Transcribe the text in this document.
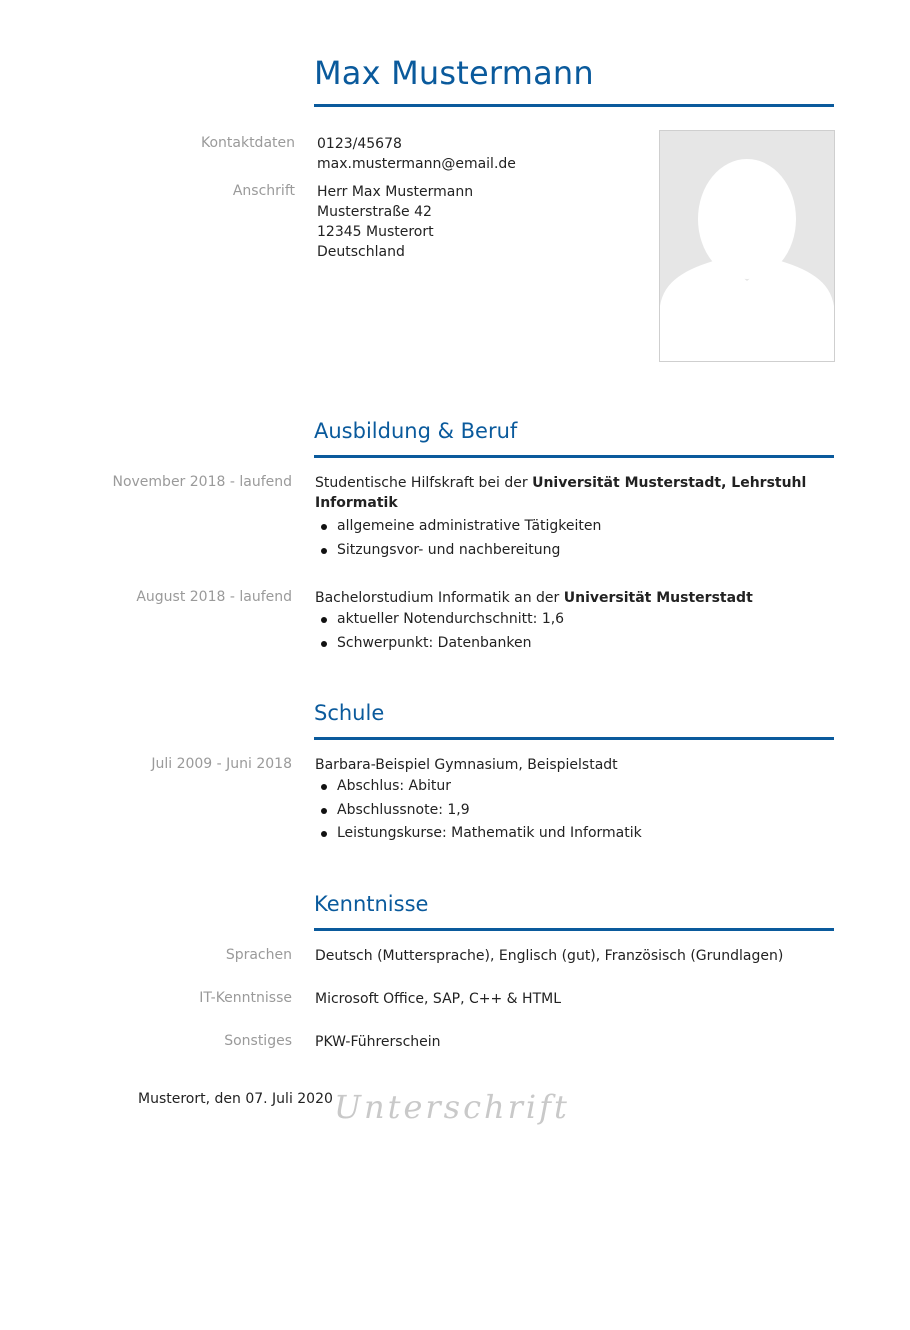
Max Mustermann
Kontaktdaten 0123/45678
max.mustermann@email.de
Anschrift Herr Max Mustermann
Musterstraße 42
12345 Musterort
Deutschland
Ausbildung & Beruf
November 2018 - laufend Studentische Hilfskraft bei der Universität Musterstadt, Lehrstuhl Informatik
allgemeine administrative Tätigkeiten
Sitzungsvor- und nachbereitung
August 2018 - laufend Bachelorstudium Informatik an der Universität Musterstadt
aktueller Notendurchschnitt: 1,6
Schwerpunkt: Datenbanken
Schule
Juli 2009 - Juni 2018 Barbara-Beispiel Gymnasium, Beispielstadt
Abschlus: Abitur
Abschlussnote: 1,9
Leistungskurse: Mathematik und Informatik
Kenntnisse
Sprachen Deutsch (Muttersprache), Englisch (gut), Französisch (Grundlagen)
IT-Kenntnisse Microsoft Office, SAP, C++ & HTML
Sonstiges PKW-Führerschein
Musterort, den 07. Juli 2020 Unterschrift
